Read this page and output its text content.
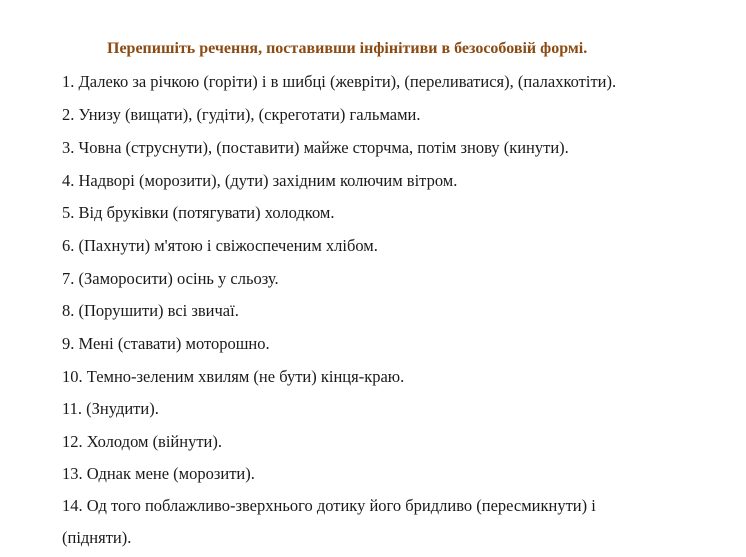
Перепишіть речення, поставивши інфінітиви в безособовій формі.
1. Далеко за річкою (горіти) і в шибці (жеврiти), (переливатися), (палахкотіти).
2. Унизу (вищати), (гудіти), (скреготати) гальмами.
3. Човна (струснути), (поставити) майже сторчма, потім знову (кинути).
4. Надворі (морозити), (дути) західним колючим вітром.
5. Від бруківки (потягувати) холодком.
6. (Пахнути) м'ятою і свіжоспеченим хлібом.
7. (Заморосити) осінь у сльозу.
8. (Порушити) всі звичаї.
9. Мені (ставати) моторошно.
10. Темно-зеленим хвилям (не бути) кінця-краю.
11. (Знудити).
12. Холодом (війнути).
13. Однак мене (морозити).
14. Од того поблажливо-зверхнього дотику його бридливо (пересмикнути) і
(підняти).
